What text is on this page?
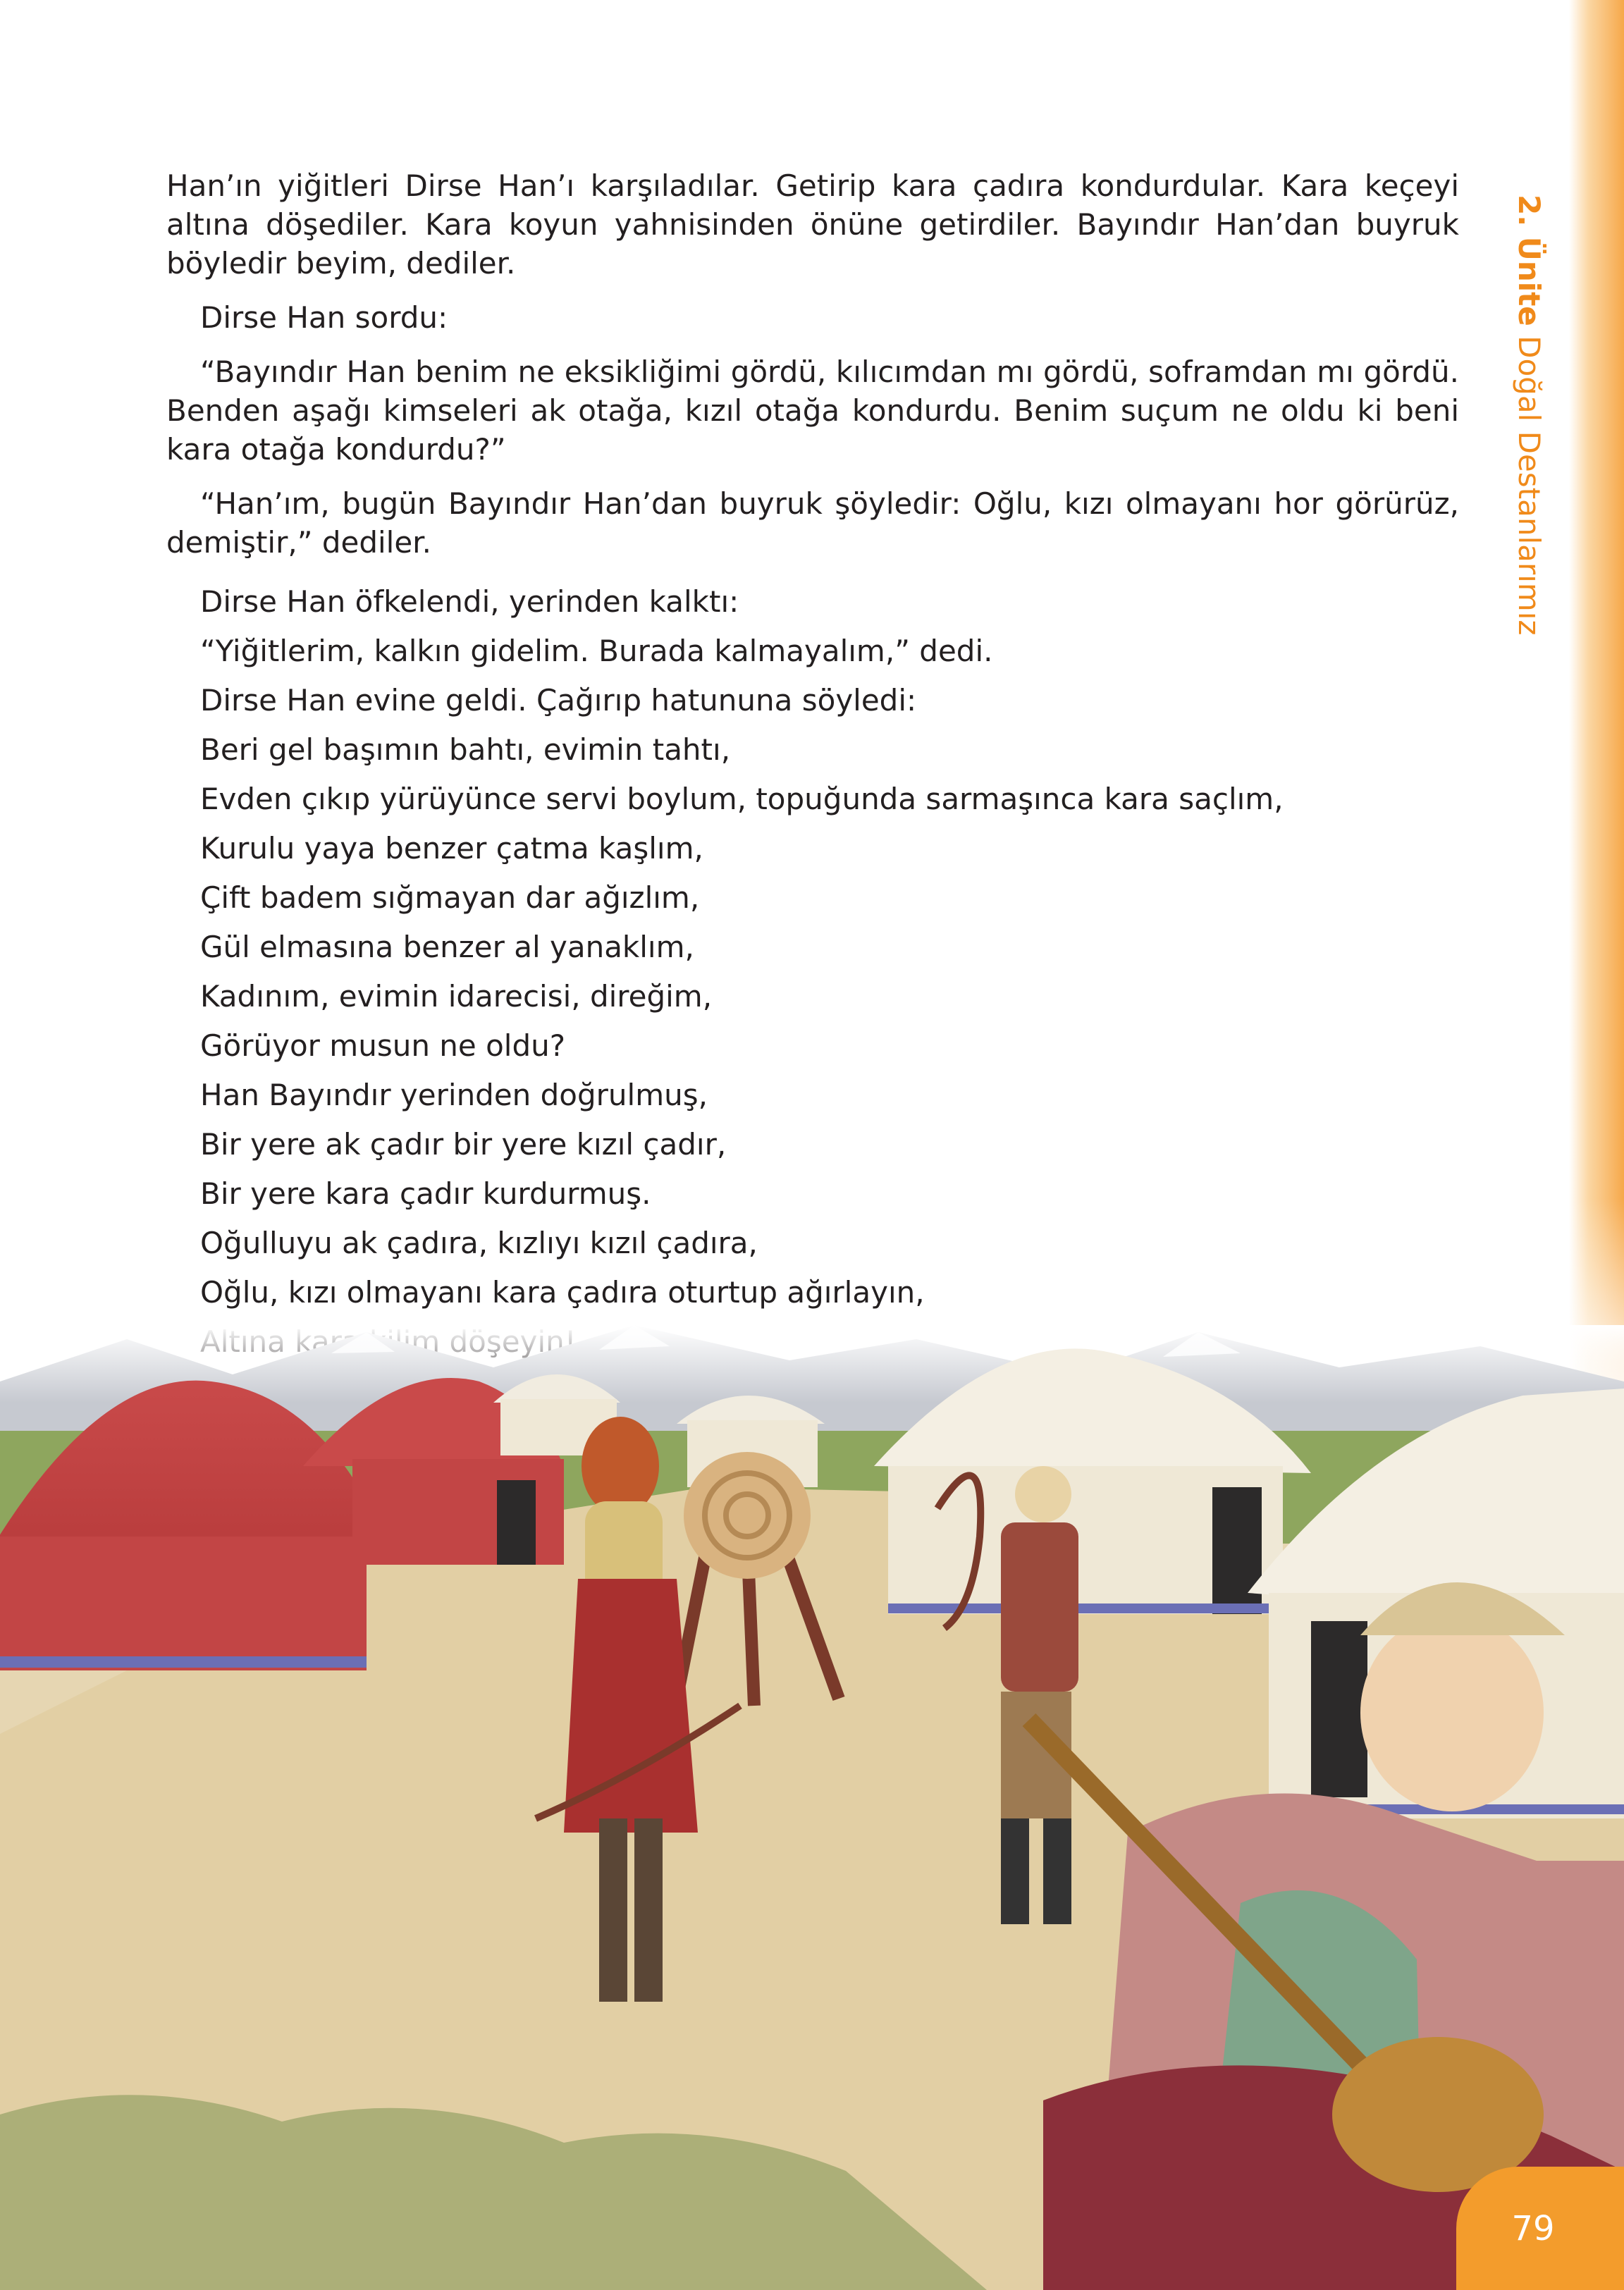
2. Ünite Doğal Destanlarımız

Han’ın yiğitleri Dirse Han’ı karşıladılar. Getirip kara çadıra kondurdular. Kara keçeyi altına döşediler. Kara koyun yahnisinden önüne getirdiler. Bayındır Han’dan buyruk böyledir beyim, dediler.

Dirse Han sordu:

“Bayındır Han benim ne eksikliğimi gördü, kılıcımdan mı gördü, soframdan mı gördü. Benden aşağı kimseleri ak otağa, kızıl otağa kondurdu. Benim suçum ne oldu ki beni kara otağa kondurdu?”

“Han’ım, bugün Bayındır Han’dan buyruk şöyledir: Oğlu, kızı olmayanı hor görürüz, demiştir,” dediler.

Dirse Han öfkelendi, yerinden kalktı:

“Yiğitlerim, kalkın gidelim. Burada kalmayalım,” dedi.

Dirse Han evine geldi. Çağırıp hatununa söyledi:

Beri gel başımın bahtı, evimin tahtı,

Evden çıkıp yürüyünce servi boylum, topuğunda sarmaşınca kara saçlım,

Kurulu yaya benzer çatma kaşlım,

Çift badem sığmayan dar ağızlım,

Gül elmasına benzer al yanaklım,

Kadınım, evimin idarecisi, direğim,

Görüyor musun ne oldu?

Han Bayındır yerinden doğrulmuş,

Bir yere ak çadır bir yere kızıl çadır,

Bir yere kara çadır kurdurmuş.

Oğulluyu ak çadıra, kızlıyı kızıl çadıra,

Oğlu, kızı olmayanı kara çadıra oturtup ağırlayın,

79
